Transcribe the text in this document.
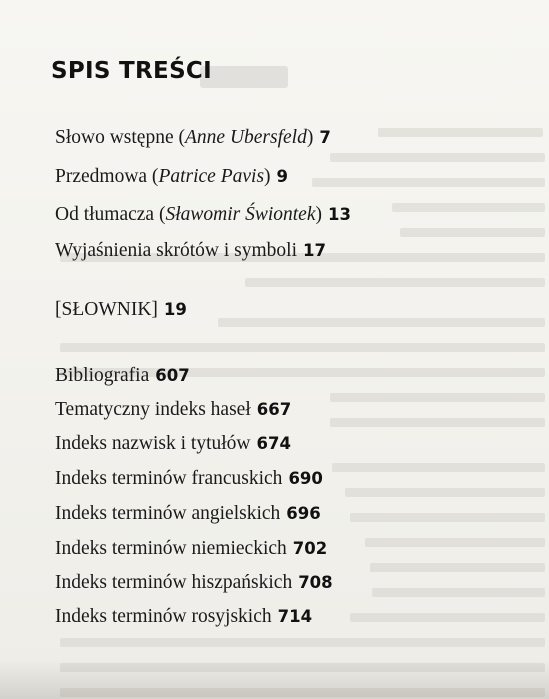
SPIS TREŚCI
Słowo wstępne (Anne Ubersfeld) 7
Przedmowa (Patrice Pavis) 9
Od tłumacza (Sławomir Świontek) 13
Wyjaśnienia skrótów i symboli 17
[SŁOWNIK] 19
Bibliografia 607
Tematyczny indeks haseł 667
Indeks nazwisk i tytułów 674
Indeks terminów francuskich 690
Indeks terminów angielskich 696
Indeks terminów niemieckich 702
Indeks terminów hiszpańskich 708
Indeks terminów rosyjskich 714
